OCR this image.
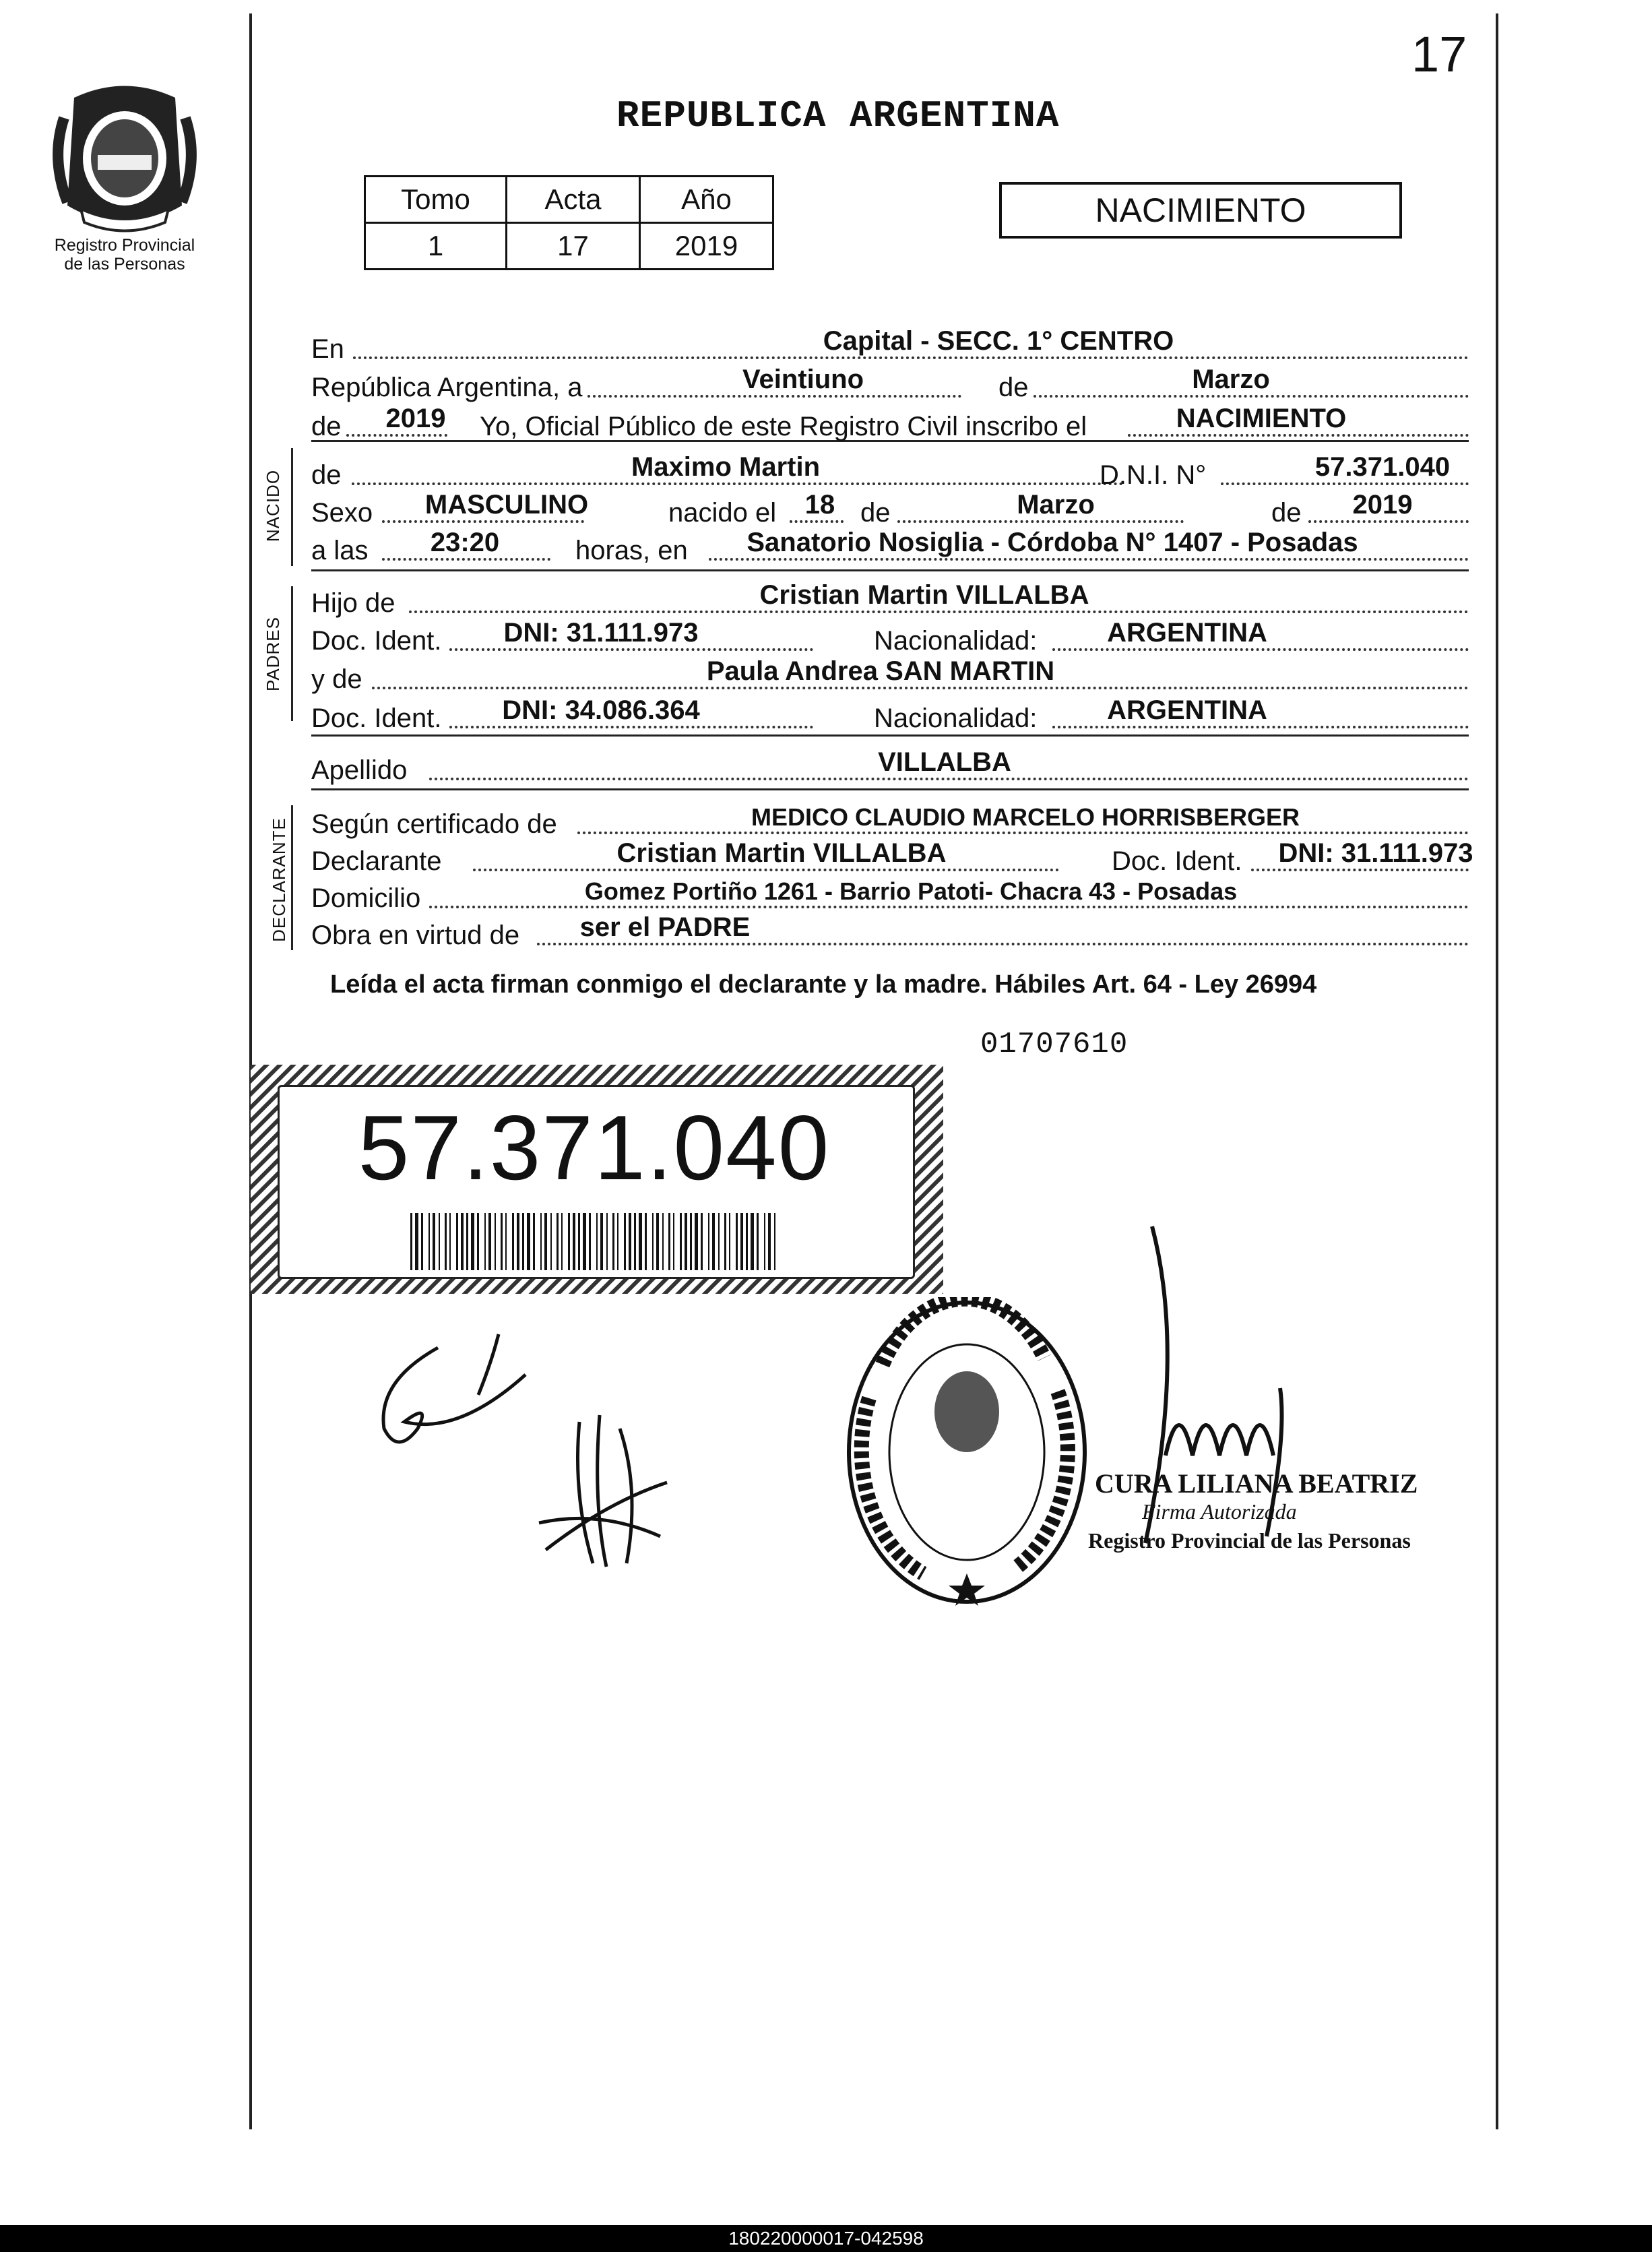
17
REPUBLICA ARGENTINA
Registro Provincial
de las Personas
Tomo	Acta	Año
1	17	2019
NACIMIENTO
NACIDO
PADRES
DECLARANTE
En	Capital - SECC. 1° CENTRO
República Argentina, a	Veintiuno	de	Marzo
de 2019 Yo, Oficial Público de este Registro Civil inscribo el	NACIMIENTO
de	Maximo Martin	D.N.I. N°	57.371.040
Sexo MASCULINO	nacido el 18 de	Marzo	de 2019
a las 23:20	horas, en Sanatorio Nosiglia - Córdoba N° 1407 - Posadas
Hijo de	Cristian Martin VILLALBA
Doc. Ident. DNI: 31.111.973	Nacionalidad:	ARGENTINA
y de	Paula Andrea SAN MARTIN
Doc. Ident. DNI: 34.086.364	Nacionalidad:	ARGENTINA
Apellido	VILLALBA
Según certificado de	MEDICO CLAUDIO MARCELO HORRISBERGER
Declarante	Cristian Martin VILLALBA	Doc. Ident. DNI: 31.111.973
Domicilio	Gomez Portiño 1261 - Barrio Patoti- Chacra 43 - Posadas
Obra en virtud de ser el PADRE
Leída el acta firman conmigo el declarante y la madre. Hábiles Art. 64 - Ley 26994
01707610
57.371.040
CURA LILIANA BEATRIZ
Firma Autorizada
Registro Provincial de las Personas
180220000017-042598
